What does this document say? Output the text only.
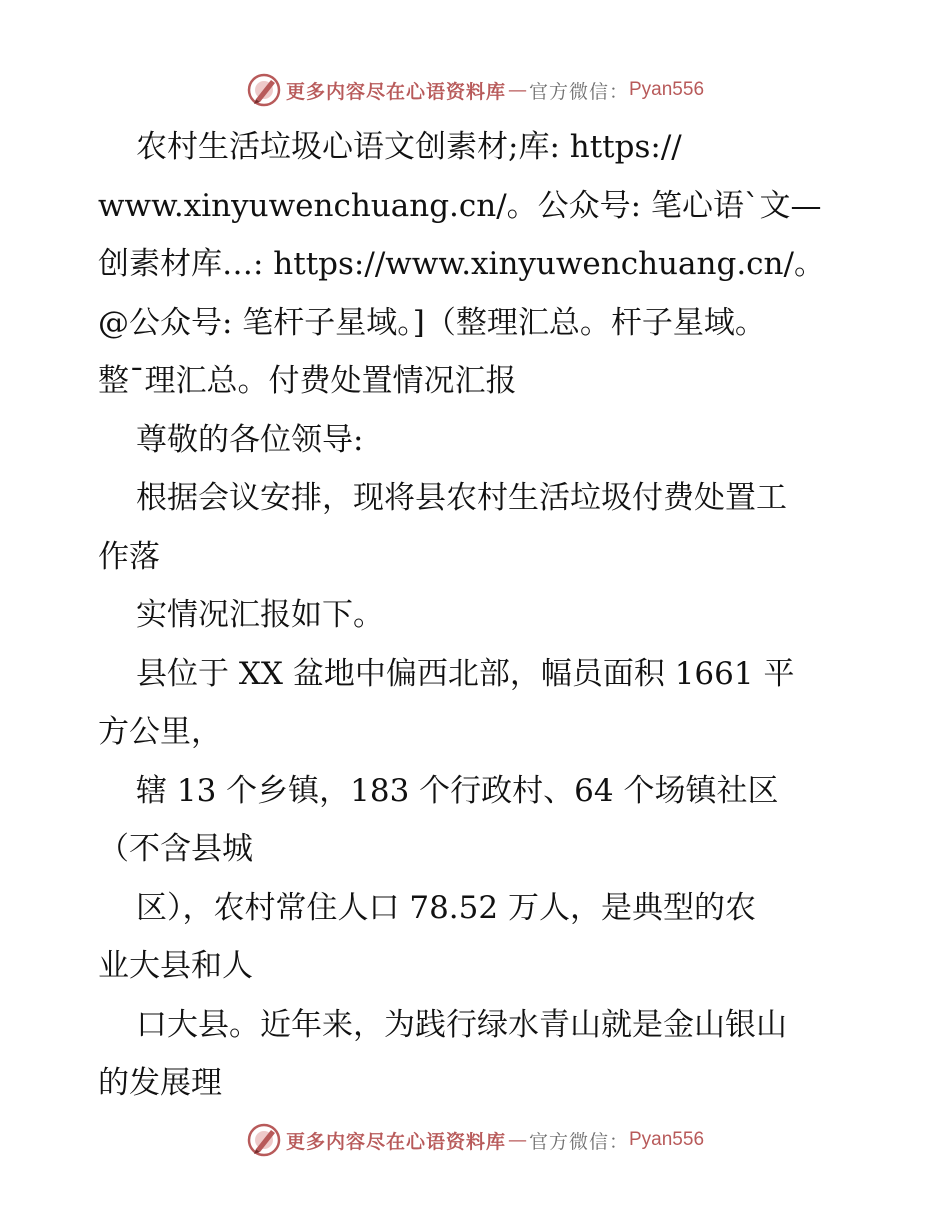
更多内容尽在心语资料库 — 官方微信： Pyan556
农村生活垃圾心语文创素材;库: https://
www.xinyuwenchuang.cn/。公众号: 笔心语`文—
创素材库…: https://www.xinyuwenchuang.cn/。
@公众号: 笔杆子星域。]（整理汇总。杆子星域。
整¯理汇总。付费处置情况汇报
尊敬的各位领导:
根据会议安排，现将县农村生活垃圾付费处置工
作落
实情况汇报如下。
县位于 XX 盆地中偏西北部，幅员面积 1661 平
方公里，
辖 13 个乡镇，183 个行政村、64 个场镇社区
（不含县城
区），农村常住人口 78.52 万人，是典型的农
业大县和人
口大县。近年来，为践行绿水青山就是金山银山
的发展理
更多内容尽在心语资料库 — 官方微信： Pyan556
